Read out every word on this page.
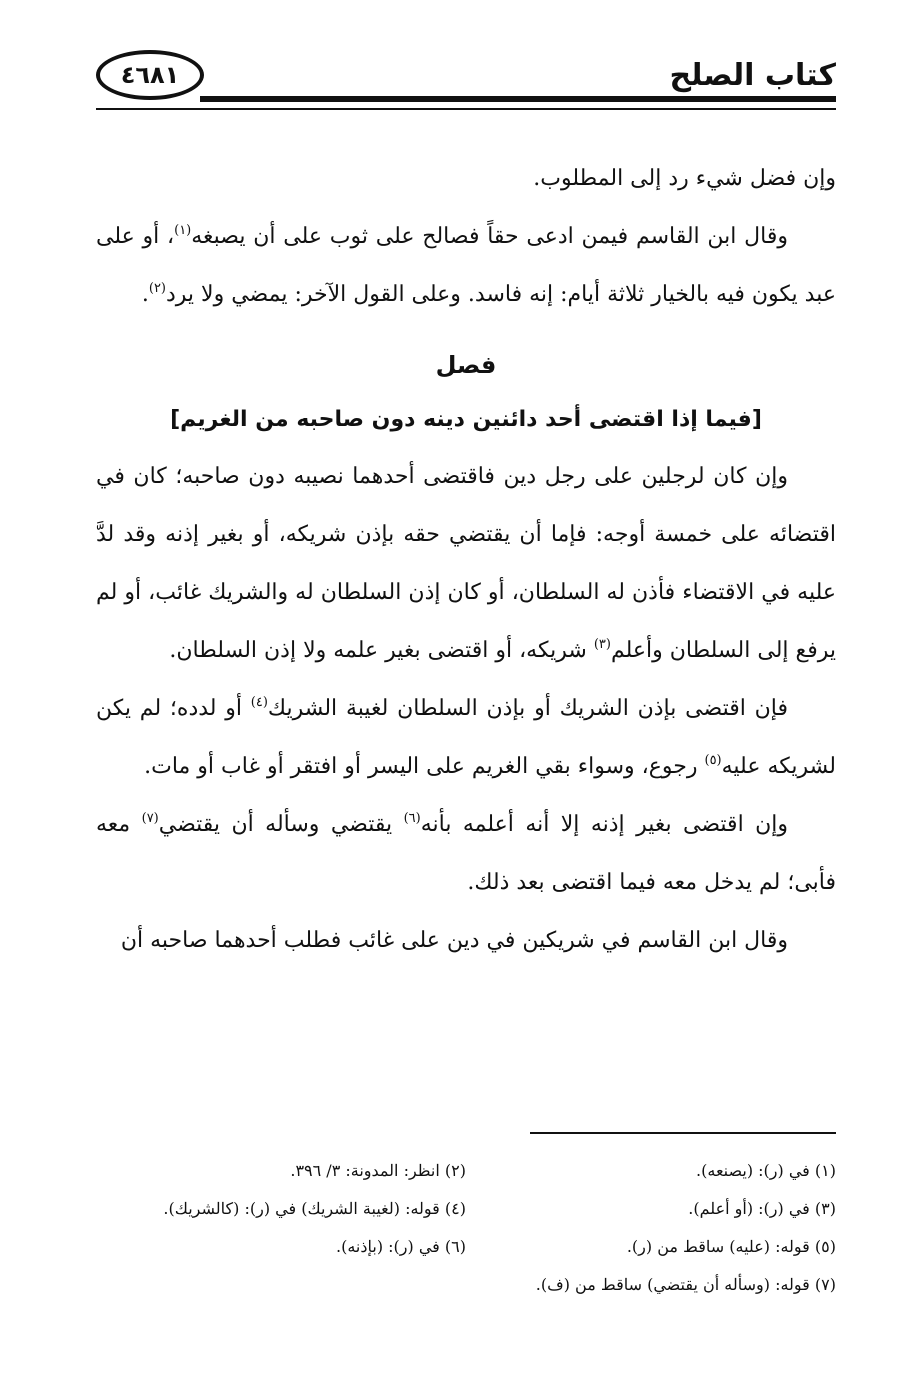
٤٦٨١	كتاب الصلح

وإن فضل شيء رد إلى المطلوب.

وقال ابن القاسم فيمن ادعى حقاً فصالح على ثوب على أن يصبغه$^{(١)}$، أو على عبد يكون فيه بالخيار ثلاثة أيام: إنه فاسد. وعلى القول الآخر: يمضي ولا يرد$^{(٢)}$.

فصل
[فيما إذا اقتضى أحد دائنين دينه دون صاحبه من الغريم]

وإن كان لرجلين على رجل دين فاقتضى أحدهما نصيبه دون صاحبه؛ كان في اقتضائه على خمسة أوجه: فإما أن يقتضي حقه بإذن شريكه، أو بغير إذنه وقد لدَّ عليه في الاقتضاء فأذن له السلطان، أو كان إذن السلطان له والشريك غائب، أو لم يرفع إلى السلطان وأعلم$^{(٣)}$ شريكه، أو اقتضى بغير علمه ولا إذن السلطان.

فإن اقتضى بإذن الشريك أو بإذن السلطان لغيبة الشريك$^{(٤)}$ أو لدده؛ لم يكن لشريكه عليه$^{(٥)}$ رجوع، وسواء بقي الغريم على اليسر أو افتقر أو غاب أو مات.

وإن اقتضى بغير إذنه إلا أنه أعلمه بأنه$^{(٦)}$ يقتضي وسأله أن يقتضي$^{(٧)}$ معه فأبى؛ لم يدخل معه فيما اقتضى بعد ذلك.

وقال ابن القاسم في شريكين في دين على غائب فطلب أحدهما صاحبه أن

(١) في (ر): (يصنعه).
(٢) انظر: المدونة: ٣/ ٣٩٦.
(٣) في (ر): (أو أعلم).
(٤) قوله: (لغيبة الشريك) في (ر): (كالشريك).
(٥) قوله: (عليه) ساقط من (ر).
(٦) في (ر): (بإذنه).
(٧) قوله: (وسأله أن يقتضي) ساقط من (ف).
